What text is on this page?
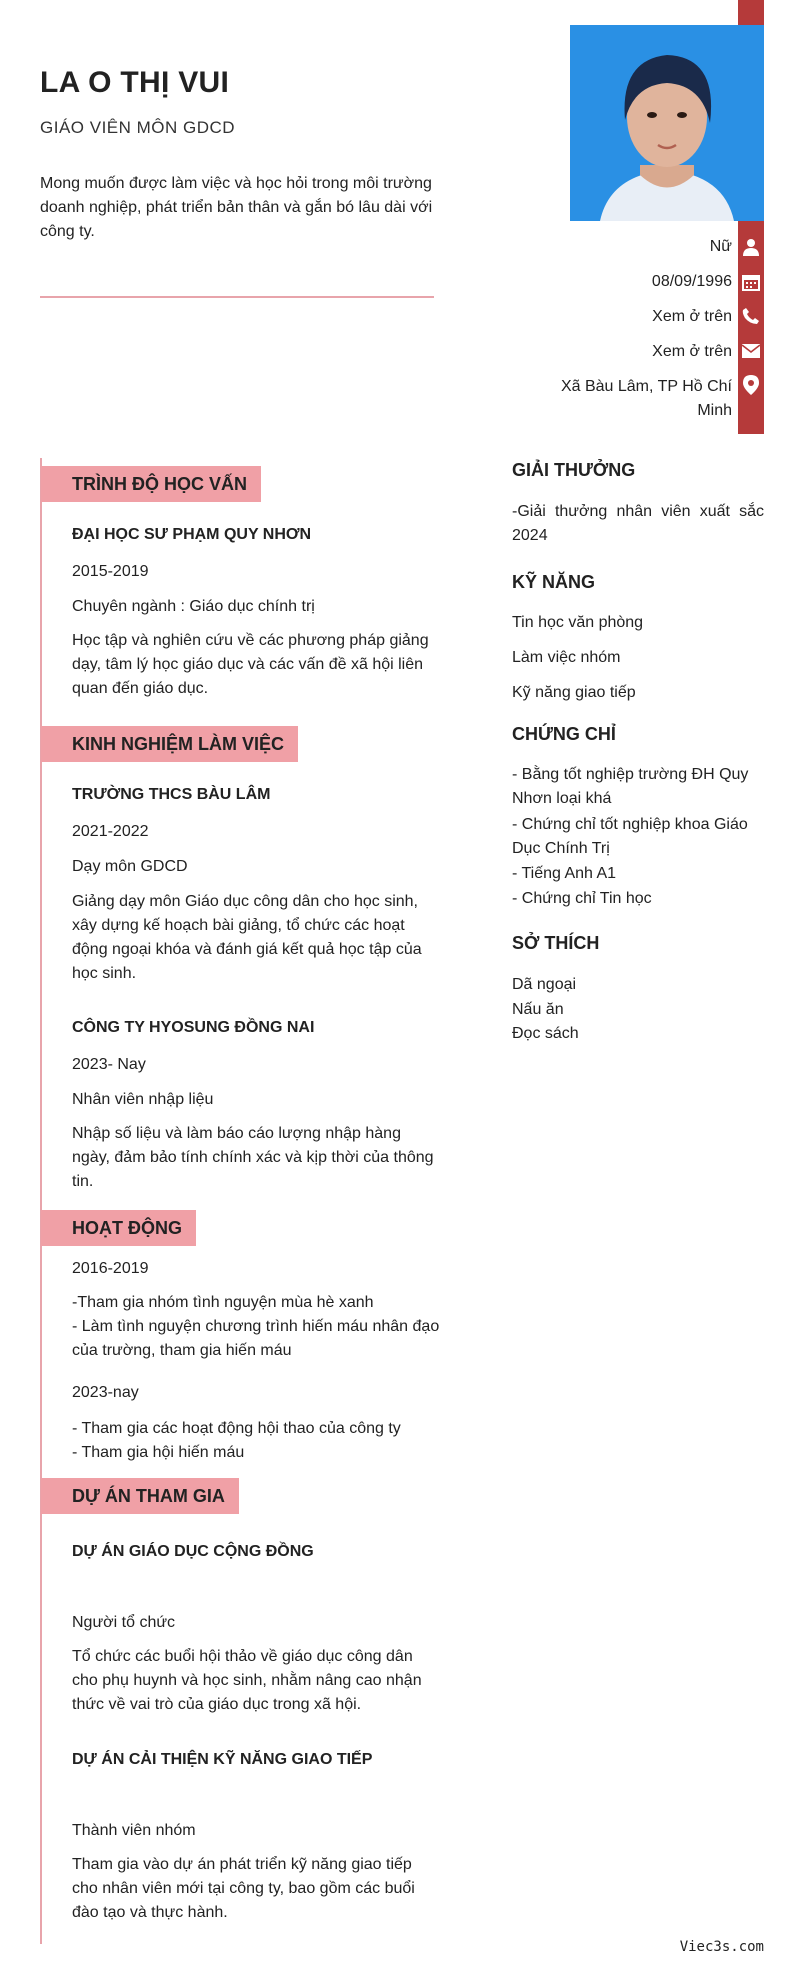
LA O THỊ VUI
GIÁO VIÊN MÔN GDCD
Mong muốn được làm việc và học hỏi trong môi trường doanh nghiệp, phát triển bản thân và gắn bó lâu dài với công ty.
Nữ
08/09/1996
Xem ở trên
Xem ở trên
Xã Bàu Lâm, TP Hồ Chí Minh
TRÌNH ĐỘ HỌC VẤN
ĐẠI HỌC SƯ PHẠM QUY NHƠN
2015-2019
Chuyên ngành : Giáo dục chính trị
Học tập và nghiên cứu về các phương pháp giảng dạy, tâm lý học giáo dục và các vấn đề xã hội liên quan đến giáo dục.
KINH NGHIỆM LÀM VIỆC
TRƯỜNG THCS BÀU LÂM
2021-2022
Dạy môn GDCD
Giảng dạy môn Giáo dục công dân cho học sinh, xây dựng kế hoạch bài giảng, tổ chức các hoạt động ngoại khóa và đánh giá kết quả học tập của học sinh.
CÔNG TY HYOSUNG ĐỒNG NAI
2023- Nay
Nhân viên nhập liệu
Nhập số liệu và làm báo cáo lượng nhập hàng ngày, đảm bảo tính chính xác và kịp thời của thông tin.
HOẠT ĐỘNG
2016-2019
-Tham gia nhóm tình nguyện mùa hè xanh
- Làm tình nguyện chương trình hiến máu nhân đạo của trường, tham gia hiến máu
2023-nay
- Tham gia các hoạt động hội thao của công ty
- Tham gia hội hiến máu
DỰ ÁN THAM GIA
DỰ ÁN GIÁO DỤC CỘNG ĐỒNG
Người tổ chức
Tổ chức các buổi hội thảo về giáo dục công dân cho phụ huynh và học sinh, nhằm nâng cao nhận thức về vai trò của giáo dục trong xã hội.
DỰ ÁN CẢI THIỆN KỸ NĂNG GIAO TIẾP
Thành viên nhóm
Tham gia vào dự án phát triển kỹ năng giao tiếp cho nhân viên mới tại công ty, bao gồm các buổi đào tạo và thực hành.
GIẢI THƯỞNG
-Giải thưởng nhân viên xuất sắc 2024
KỸ NĂNG
Tin học văn phòng
Làm việc nhóm
Kỹ năng giao tiếp
CHỨNG CHỈ
- Bằng tốt nghiệp trường ĐH Quy Nhơn loại khá
- Chứng chỉ tốt nghiệp khoa Giáo Dục Chính Trị
- Tiếng Anh A1
- Chứng chỉ Tin học
SỞ THÍCH
Dã ngoại
Nấu ăn
Đọc sách
Viec3s.com
